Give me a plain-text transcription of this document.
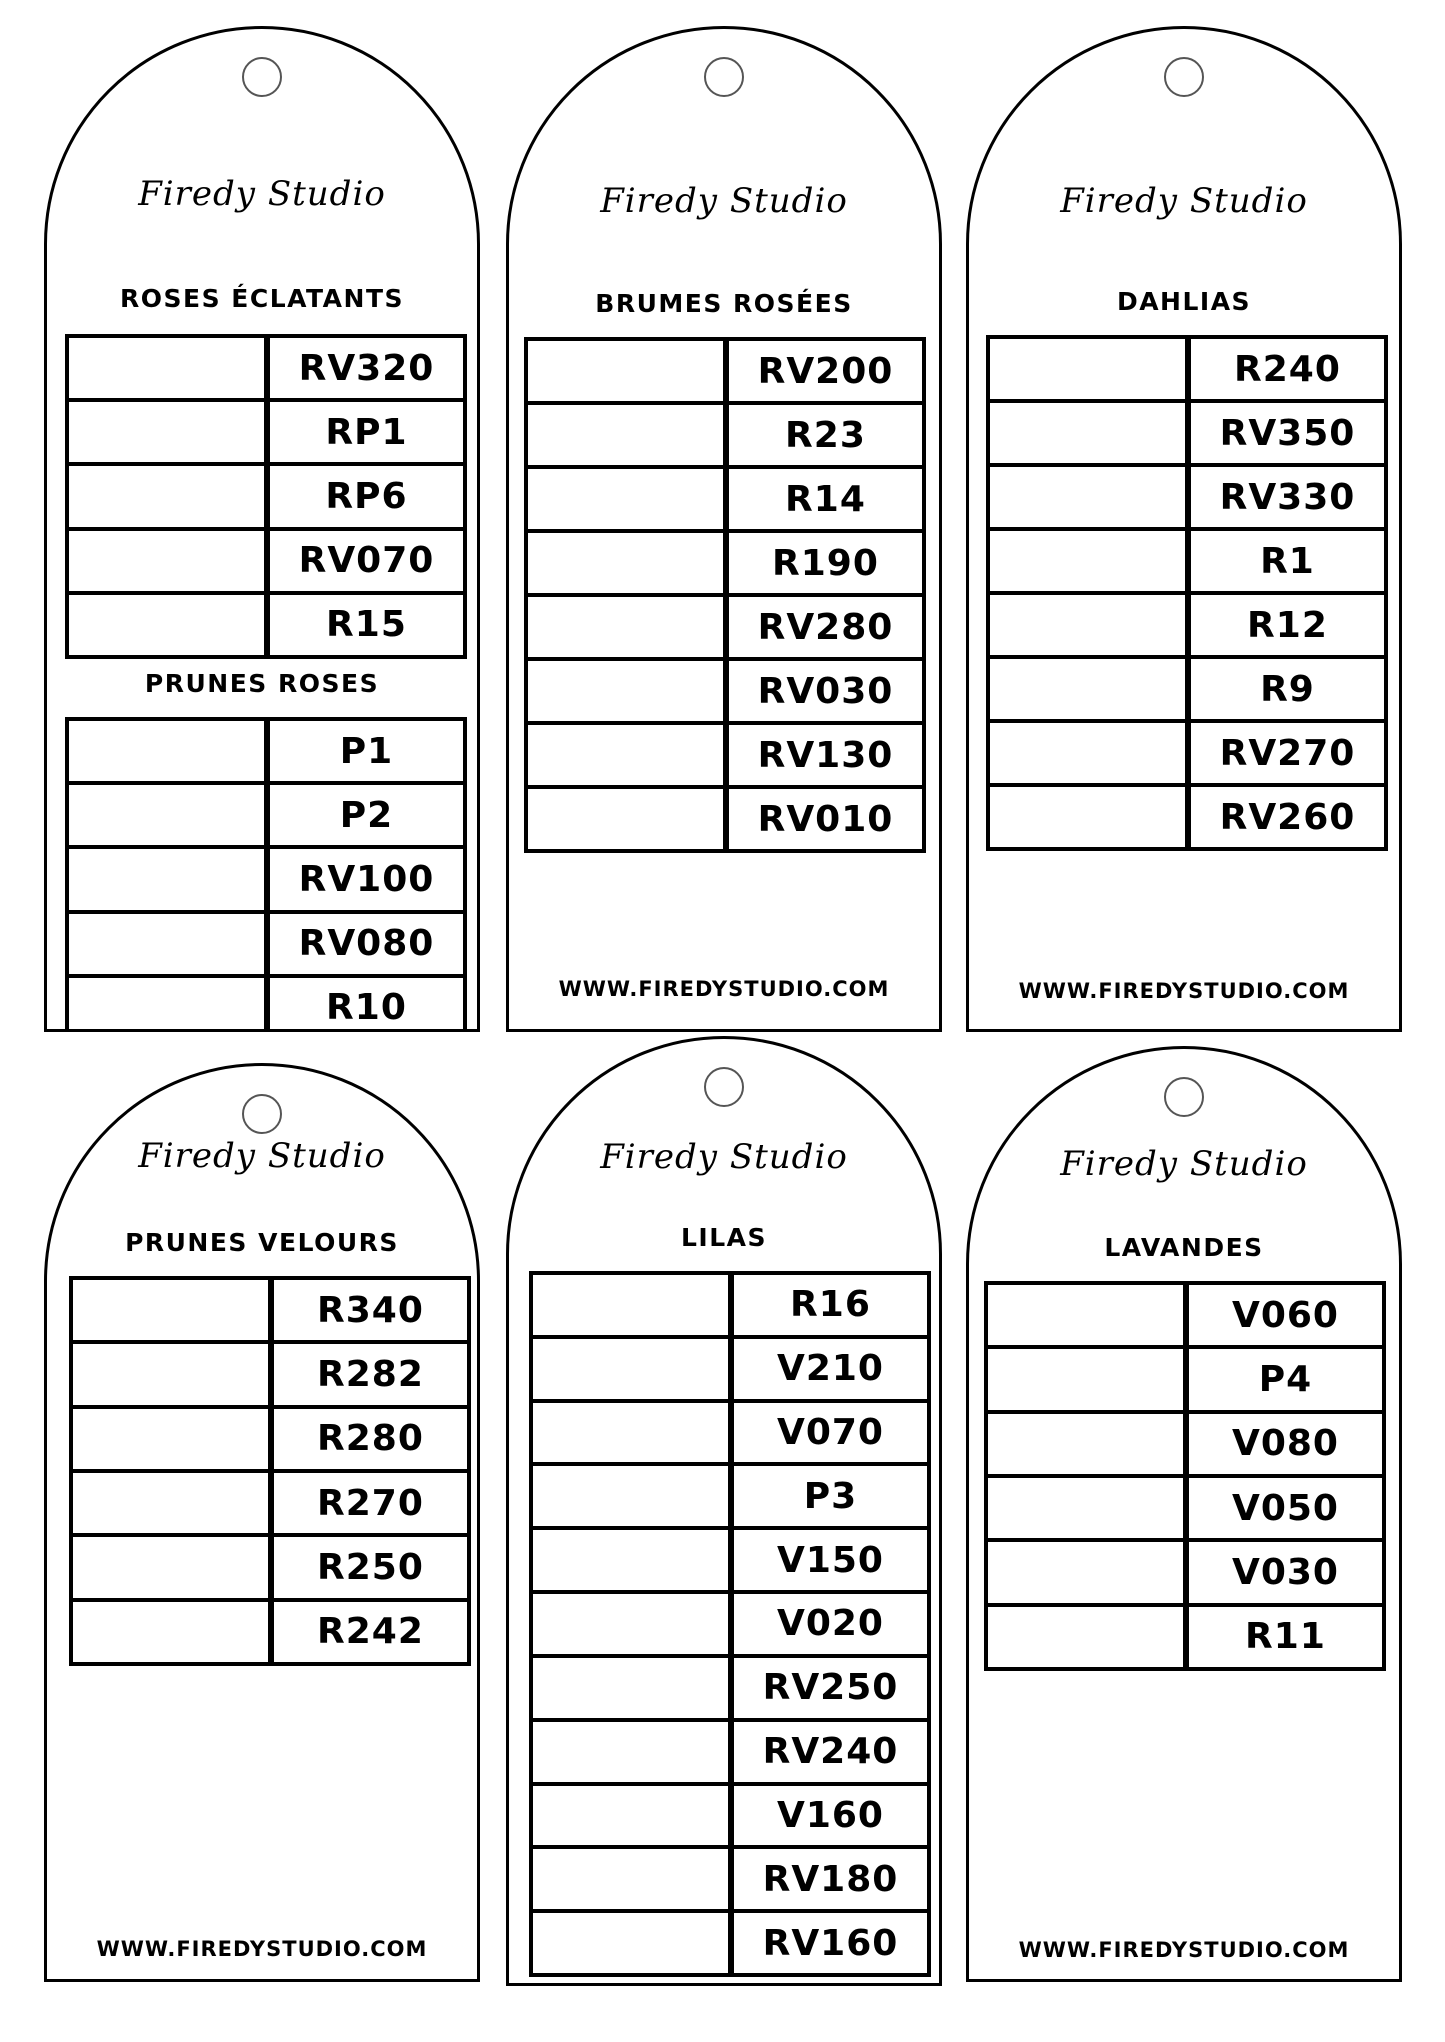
Firedy Studio
ROSES ÉCLATANTS
RV320
RP1
RP6
RV070
R15
PRUNES ROSES
P1
P2
RV100
RV080
R10
Firedy Studio
BRUMES ROSÉES
RV200
R23
R14
R190
RV280
RV030
RV130
RV010
WWW.FIREDYSTUDIO.COM
Firedy Studio
DAHLIAS
R240
RV350
RV330
R1
R12
R9
RV270
RV260
WWW.FIREDYSTUDIO.COM
Firedy Studio
PRUNES VELOURS
R340
R282
R280
R270
R250
R242
WWW.FIREDYSTUDIO.COM
Firedy Studio
LILAS
R16
V210
V070
P3
V150
V020
RV250
RV240
V160
RV180
RV160
Firedy Studio
LAVANDES
V060
P4
V080
V050
V030
R11
WWW.FIREDYSTUDIO.COM
